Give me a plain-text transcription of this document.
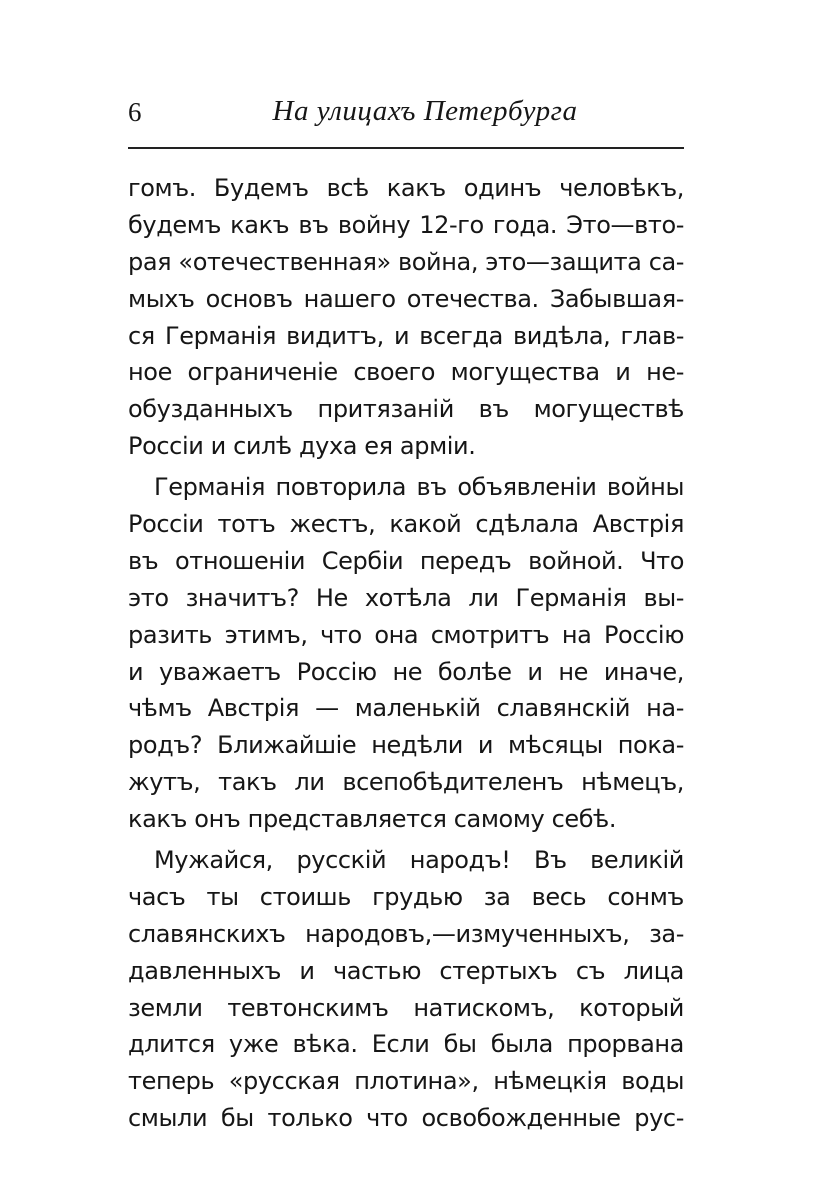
6	На улицахъ Петербурга
гомъ. Будемъ всѣ какъ одинъ человѣкъ,
будемъ какъ въ войну 12-го года. Это—вто-
рая «отечественная» война, это—защита са-
мыхъ основъ нашего отечества. Забывшая-
ся Германія видитъ, и всегда видѣла, глав-
ное ограниченіе своего могущества и не-
обузданныхъ притязаній въ могуществѣ
Россіи и силѣ духа ея арміи.
Германія повторила въ объявленіи войны
Россіи тотъ жестъ, какой сдѣлала Австрія
въ отношеніи Сербіи передъ войной. Что
это значитъ? Не хотѣла ли Германія вы-
разить этимъ, что она смотритъ на Россію
и уважаетъ Россію не болѣе и не иначе,
чѣмъ Австрія — маленькій славянскій на-
родъ? Ближайшіе недѣли и мѣсяцы пока-
жутъ, такъ ли всепобѣдителенъ нѣмецъ,
какъ онъ представляется самому себѣ.
Мужайся, русскій народъ! Въ великій
часъ ты стоишь грудью за весь сонмъ
славянскихъ народовъ,—измученныхъ, за-
давленныхъ и частью стертыхъ съ лица
земли тевтонскимъ натискомъ, который
длится уже вѣка. Если бы была прорвана
теперь «русская плотина», нѣмецкія воды
смыли бы только что освобожденные рус-
